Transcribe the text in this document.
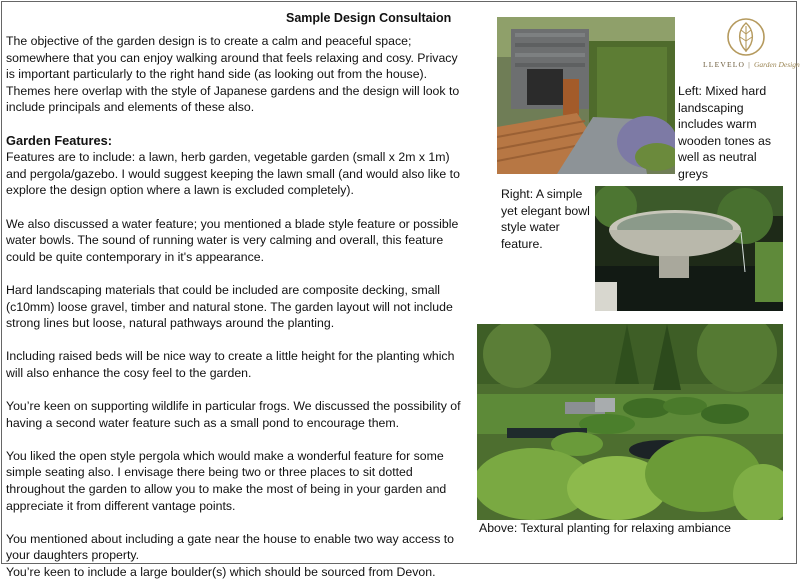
Sample Design Consultaion

The objective of the garden design is to create a calm and peaceful space; somewhere that you can enjoy walking around that feels relaxing and cosy. Privacy is important particularly to the right hand side (as looking out from the house). Themes here overlap with the style of Japanese gardens and the design will look to include principals and elements of these also.

Garden Features:

Features are to include: a lawn, herb garden, vegetable garden (small x 2m x 1m) and pergola/gazebo. I would suggest keeping the lawn small (and would also like to explore the design option where a lawn is excluded completely).

We also discussed a water feature; you mentioned a blade style feature or possible water bowls. The sound of running water is very calming and overall, this feature could be quite contemporary in it's appearance.

Hard landscaping materials that could be included are composite decking, small (c10mm) loose gravel, timber and natural stone. The garden layout will not include strong lines but loose, natural pathways around the planting.

Including raised beds will be nice way to create a little height for the planting which will also enhance the cosy feel to the garden.

You’re keen on supporting wildlife in particular frogs. We discussed the possibility of having a second water feature such as a small pond to encourage them.

You liked the open style pergola which would make a wonderful feature for some simple seating also. I envisage there being two or three places to sit dotted throughout the garden to allow you to make the most of being in your garden and appreciate it from different vantage points.

You mentioned about including a gate near the house to enable two way access to your daughters property.

You’re keen to include a large boulder(s) which should be sourced from Devon.

LLEVELO | Garden Design
Left: Mixed hard landscaping includes warm wooden tones as well as neutral greys
Right: A simple yet elegant bowl style water feature.
Above: Textural planting for relaxing ambiance
